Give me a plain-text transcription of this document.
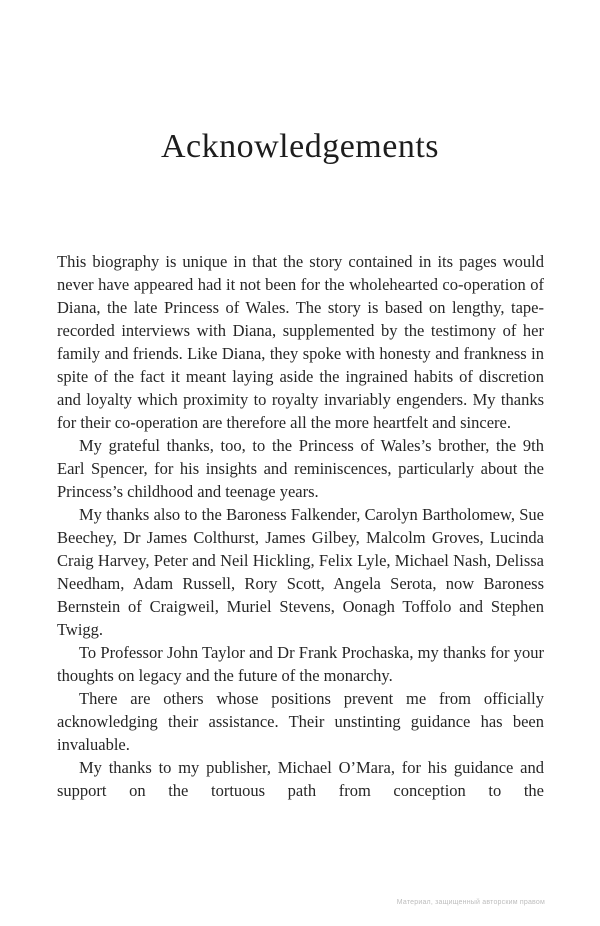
Acknowledgements

This biography is unique in that the story contained in its pages would never have appeared had it not been for the wholehearted co-operation of Diana, the late Princess of Wales. The story is based on lengthy, tape-recorded interviews with Diana, supplemented by the testimony of her family and friends. Like Diana, they spoke with honesty and frankness in spite of the fact it meant laying aside the ingrained habits of discretion and loyalty which proximity to royalty invariably engenders. My thanks for their co-operation are therefore all the more heartfelt and sincere.

My grateful thanks, too, to the Princess of Wales’s brother, the 9th Earl Spencer, for his insights and reminiscences, particularly about the Princess’s childhood and teenage years.

My thanks also to the Baroness Falkender, Carolyn Bartholomew, Sue Beechey, Dr James Colthurst, James Gilbey, Malcolm Groves, Lucinda Craig Harvey, Peter and Neil Hickling, Felix Lyle, Michael Nash, Delissa Needham, Adam Russell, Rory Scott, Angela Serota, now Baroness Bernstein of Craigweil, Muriel Stevens, Oonagh Toffolo and Stephen Twigg.

To Professor John Taylor and Dr Frank Prochaska, my thanks for your thoughts on legacy and the future of the monarchy.

There are others whose positions prevent me from officially acknowledging their assistance. Their unstinting guidance has been invaluable.

My thanks to my publisher, Michael O’Mara, for his guidance and support on the tortuous path from conception to the

Материал, защищенный авторским правом
